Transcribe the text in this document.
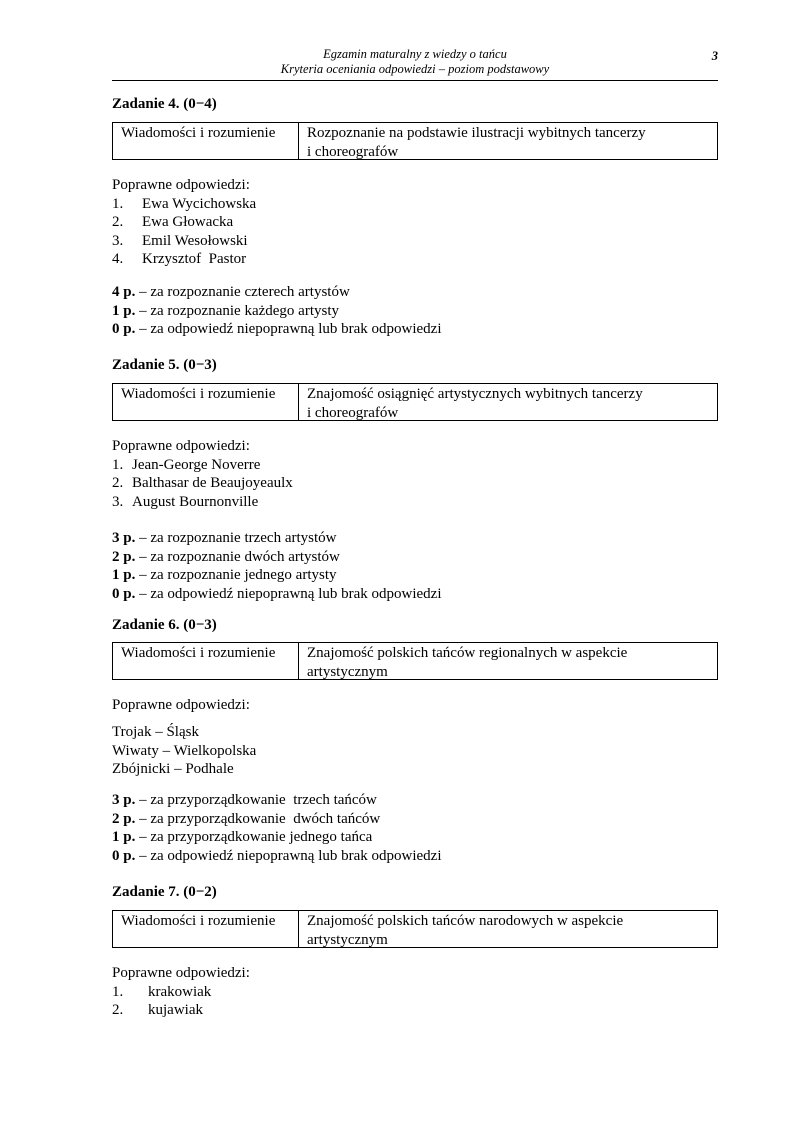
Egzamin maturalny z wiedzy o tańcu
Kryteria oceniania odpowiedzi – poziom podstawowy
3
Zadanie 4. (0−4)
Wiadomości i rozumienie	Rozpoznanie na podstawie ilustracji wybitnych tancerzy
i choreografów
Poprawne odpowiedzi:
1. Ewa Wycichowska
2. Ewa Głowacka
3. Emil Wesołowski
4. Krzysztof  Pastor
4 p. – za rozpoznanie czterech artystów
1 p. – za rozpoznanie każdego artysty
0 p. – za odpowiedź niepoprawną lub brak odpowiedzi
Zadanie 5. (0−3)
Wiadomości i rozumienie	Znajomość osiągnięć artystycznych wybitnych tancerzy
i choreografów
Poprawne odpowiedzi:
1. Jean-George Noverre
2. Balthasar de Beaujoyeaulx
3. August Bournonville
3 p. – za rozpoznanie trzech artystów
2 p. – za rozpoznanie dwóch artystów
1 p. – za rozpoznanie jednego artysty
0 p. – za odpowiedź niepoprawną lub brak odpowiedzi
Zadanie 6. (0−3)
Wiadomości i rozumienie	Znajomość polskich tańców regionalnych w aspekcie
artystycznym
Poprawne odpowiedzi:
Trojak – Śląsk
Wiwaty – Wielkopolska
Zbójnicki – Podhale
3 p. – za przyporządkowanie  trzech tańców
2 p. – za przyporządkowanie  dwóch tańców
1 p. – za przyporządkowanie jednego tańca
0 p. – za odpowiedź niepoprawną lub brak odpowiedzi
Zadanie 7. (0−2)
Wiadomości i rozumienie	Znajomość polskich tańców narodowych w aspekcie
artystycznym
Poprawne odpowiedzi:
1. krakowiak
2. kujawiak
